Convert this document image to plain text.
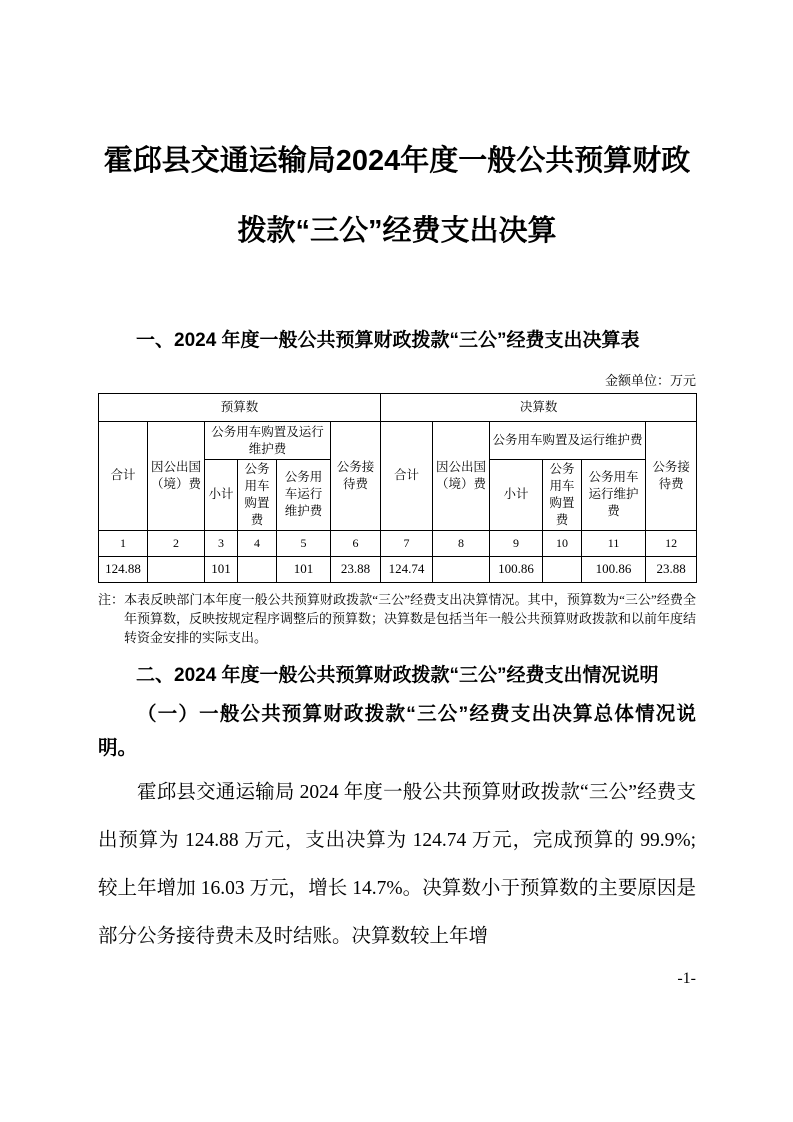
霍邱县交通运输局2024年度一般公共预算财政
拨款“三公”经费支出决算
一、2024 年度一般公共预算财政拨款“三公”经费支出决算表
金额单位：万元
预算数						决算数					
合计	因公出国（境）费	公务用车购置及运行维护费			公务接待费	合计	因公出国（境）费	公务用车购置及运行维护费			公务接待费
		小计	公务用车购置费	公务用车运行维护费				小计	公务用车购置费	公务用车运行维护费	
1	2	3	4	5	6	7	8	9	10	11	12
124.88		101		101	23.88	124.74		100.86		100.86	23.88
注：本表反映部门本年度一般公共预算财政拨款“三公”经费支出决算情况。其中，预算数为“三公”经费全年预算数，反映按规定程序调整后的预算数；决算数是包括当年一般公共预算财政拨款和以前年度结转资金安排的实际支出。
二、2024 年度一般公共预算财政拨款“三公”经费支出情况说明
（一）一般公共预算财政拨款“三公”经费支出决算总体情况说明。
霍邱县交通运输局 2024 年度一般公共预算财政拨款“三公”经费支出预算为 124.88 万元，支出决算为 124.74 万元，完成预算的 99.9%; 较上年增加 16.03 万元，增长 14.7%。决算数小于预算数的主要原因是部分公务接待费未及时结账。决算数较上年增
-1-
